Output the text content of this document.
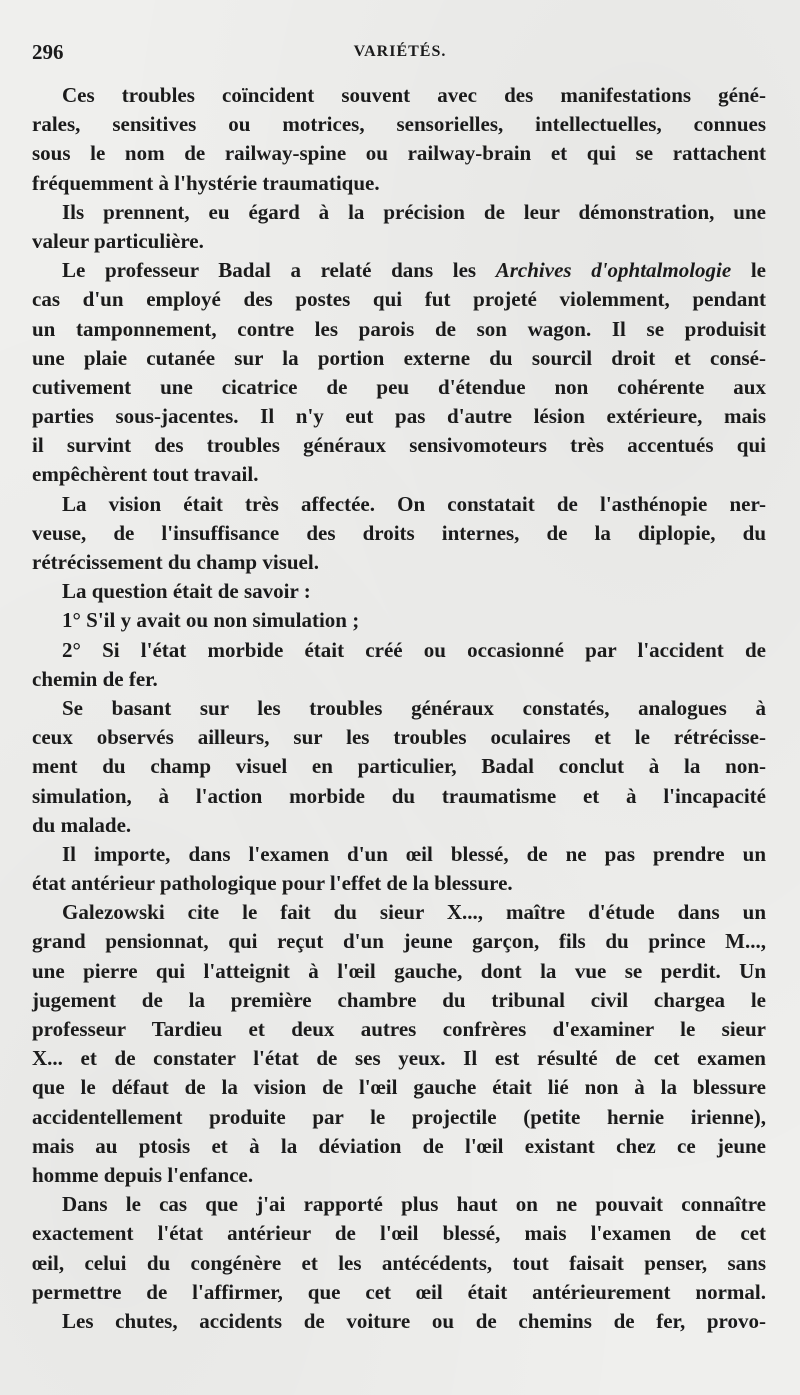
296	VARIÉTÉS.
Ces troubles coïncident souvent avec des manifestations géné-
rales, sensitives ou motrices, sensorielles, intellectuelles, connues
sous le nom de railway-spine ou railway-brain et qui se rattachent
fréquemment à l'hystérie traumatique.
Ils prennent, eu égard à la précision de leur démonstration, une
valeur particulière.
Le professeur Badal a relaté dans les Archives d'ophtalmologie le
cas d'un employé des postes qui fut projeté violemment, pendant
un tamponnement, contre les parois de son wagon. Il se produisit
une plaie cutanée sur la portion externe du sourcil droit et consé-
cutivement une cicatrice de peu d'étendue non cohérente aux
parties sous-jacentes. Il n'y eut pas d'autre lésion extérieure, mais
il survint des troubles généraux sensivomoteurs très accentués qui
empêchèrent tout travail.
La vision était très affectée. On constatait de l'asthénopie ner-
veuse, de l'insuffisance des droits internes, de la diplopie, du
rétrécissement du champ visuel.
La question était de savoir :
1° S'il y avait ou non simulation ;
2° Si l'état morbide était créé ou occasionné par l'accident de
chemin de fer.
Se basant sur les troubles généraux constatés, analogues à
ceux observés ailleurs, sur les troubles oculaires et le rétrécisse-
ment du champ visuel en particulier, Badal conclut à la non-
simulation, à l'action morbide du traumatisme et à l'incapacité
du malade.
Il importe, dans l'examen d'un œil blessé, de ne pas prendre un
état antérieur pathologique pour l'effet de la blessure.
Galezowski cite le fait du sieur X..., maître d'étude dans un
grand pensionnat, qui reçut d'un jeune garçon, fils du prince M...,
une pierre qui l'atteignit à l'œil gauche, dont la vue se perdit. Un
jugement de la première chambre du tribunal civil chargea le
professeur Tardieu et deux autres confrères d'examiner le sieur
X... et de constater l'état de ses yeux. Il est résulté de cet examen
que le défaut de la vision de l'œil gauche était lié non à la blessure
accidentellement produite par le projectile (petite hernie irienne),
mais au ptosis et à la déviation de l'œil existant chez ce jeune
homme depuis l'enfance.
Dans le cas que j'ai rapporté plus haut on ne pouvait connaître
exactement l'état antérieur de l'œil blessé, mais l'examen de cet
œil, celui du congénère et les antécédents, tout faisait penser, sans
permettre de l'affirmer, que cet œil était antérieurement normal.
Les chutes, accidents de voiture ou de chemins de fer, provo-
